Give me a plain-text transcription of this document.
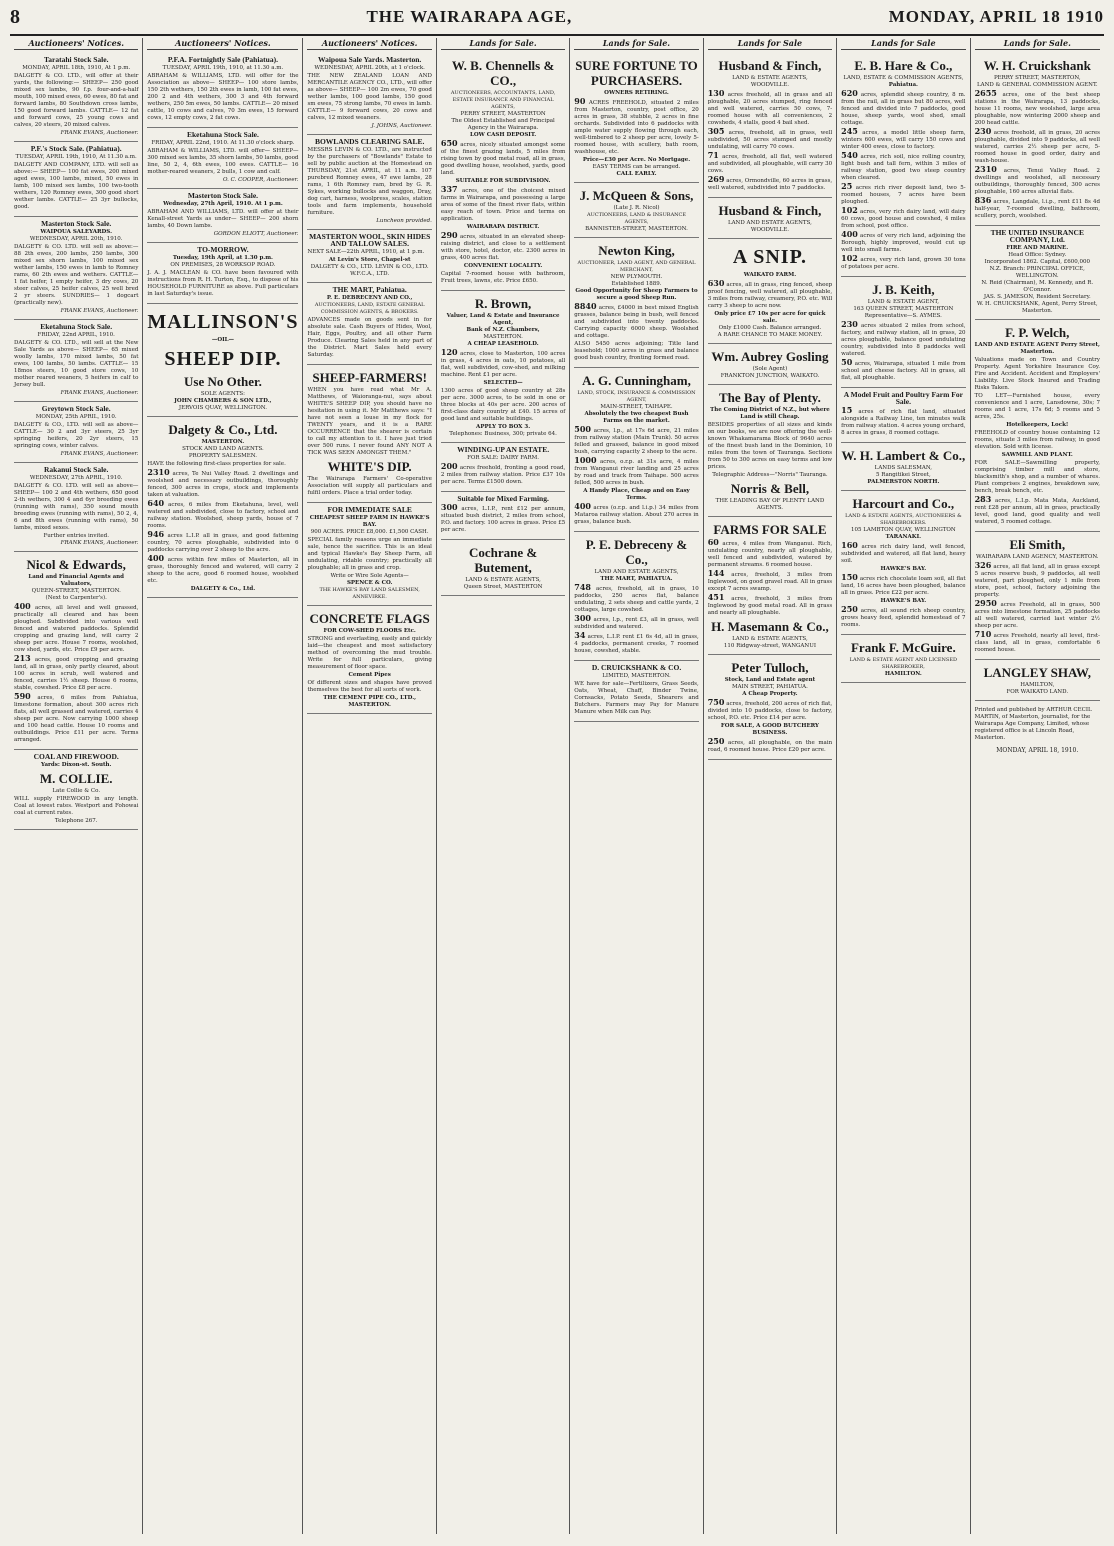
8	THE WAIRARAPA AGE,	MONDAY, APRIL 18 1910
Auctioneers' Notices.
Taratahi Stock Sale.
MONDAY, APRIL 18th, 1910, At 1 p.m.

DALGETY & CO. LTD., will offer at their yards, the following:— SHEEP— 250 good mixed sex lambs, 90 f.p. four-and-a-half mouth, 100 mixed ewes, 60 ewes, 80 fat and forward lambs, 80 Southdown cross lambs, 150 good forward lambs. CATTLE— 12 fat and forward cows, 25 young cows and calves, 20 steers, 20 mixed calves.

FRANK EVANS, Auctioneer.
P.F.'s Stock Sale. (Pahiatua).
TUESDAY, APRIL 19th, 1910, At 11.30 a.m.

DALGETY AND COMPANY, LTD. will sell as above:— SHEEP— 100 fat ewes, 200 mixed aged ewes, 100 lambs, mixed, 50 ewes in lamb, 100 mixed sex lambs, 100 two-tooth wethers, 120 Romney ewes, 300 good short wether lambs. CATTLE— 25 3yr bullocks, good.

Masterton Stock Sale.
WAIPOUA SALEYARDS.
WEDNESDAY, APRIL 20th, 1910.

DALGETY & CO. LTD. will sell as above:— 88 2th ewes, 200 lambs, 250 lambs, 300 mixed sex shorn lambs, 100 mixed sex wether lambs, 150 ewes in lamb to Romney rams, 60 2th ewes and wethers. CATTLE— 1 fat heifer, 1 empty heifer, 3 dry cows, 20 steer calves, 25 heifer calves, 25 well bred 2 yr steers. SUNDRIES— 1 dogcart (practically new).

FRANK EVANS, Auctioneer.
Eketahuna Stock Sale.
FRIDAY, 22nd APRIL, 1910.

DALGETY & CO. LTD., will sell at the New Sale Yards as above— SHEEP— 65 mixed woolly lambs, 170 mixed lambs, 50 fat ewes, 100 lambs, 50 lambs. CATTLE— 15 18mos steers, 10 good store cows, 10 mother reared weaners, 5 heifers in calf to Jersey bull.

FRANK EVANS, Auctioneer.
Greytown Stock Sale.
MONDAY, 25th APRIL, 1910.

DALGETY & CO., LTD. will sell as above— CATTLE— 30 2 and 3yr steers, 25 3yr springing heifers, 20 2yr steers, 15 springing cows, winter calves.

FRANK EVANS, Auctioneer.
Rakanui Stock Sale.
WEDNESDAY, 27th APRIL, 1910.

DALGETY & CO. LTD. will sell as above— SHEEP— 100 2 and 4th wethers, 650 good 2-th wethers, 300 4 and 6yr breeding ewes (running with rams), 350 sound mouth breeding ewes (running with rams), 50 2, 4, 6 and 8th ewes (running with rams), 50 lambs, mixed sexes.

Further entries invited.
FRANK EVANS, Auctioneer.
Nicol & Edwards,
Land and Financial Agents and Valuators,
QUEEN-STREET, MASTERTON.
(Next to Carpenter's).

400 acres, all level and well grassed, practically all cleared and has been ploughed. Subdivided into various well fenced and watered paddocks. Splendid cropping and grazing land, will carry 2 sheep per acre. House 7 rooms, woolshed, cow shed, yards, etc. Price £9 per acre.

213 acres, good cropping and grazing land, all in grass, only partly cleared, about 100 acres in scrub, well watered and fenced, carries 1½ sheep. House 6 rooms, stable, cowshed. Price £8 per acre.

590 acres, 6 miles from Pahiatua, limestone formation, about 300 acres rich flats, all well grassed and watered, carries 4 sheep per acre. Now carrying 1000 sheep and 100 head cattle. House 10 rooms and outbuildings. Price £11 per acre. Terms arranged.

COAL AND FIREWOOD.
Yards: Dixon-st. South.
M. COLLIE.
Late Collie & Co.

WILL supply FIREWOOD in any length. Coal at lowest rates. Westport and Fohowai coal at current rates.

Telephone 267.
Auctioneers' Notices.
P.F.A. Fortnightly Sale (Pahiatua).
TUESDAY, APRIL 19th, 1910, at 11.30 a.m.

ABRAHAM & WILLIAMS, LTD. will offer for the Association as above— SHEEP— 100 store lambs, 150 2th wethers, 150 2th ewes in lamb, 100 fat ewes, 200 2 and 4th wethers, 300 3 and 4th forward wethers, 250 5m ewes, 50 lambs. CATTLE— 20 mixed cattle, 10 cows and calves, 70 3m ewes, 15 forward cows, 12 empty cows, 2 fat cows.

Eketahuna Stock Sale.
FRIDAY, APRIL 22nd, 1910. At 11.30 o'clock sharp.

ABRAHAM & WILLIAMS, LTD. will offer— SHEEP— 300 mixed sex lambs, 35 shorn lambs, 50 lambs, good line, 50 2, 4, 6th ewes, 100 ewes. CATTLE— 16 mother-reared weaners, 2 bulls, 1 cow and calf.

O. C. COOPER, Auctioneer.
Masterton Stock Sale.
Wednesday, 27th April, 1910. At 1 p.m.

ABRAHAM AND WILLIAMS, LTD. will offer at their Kenall-street Yards as under— SHEEP— 200 shorn lambs, 40 Down lambs.

GORDON ELIOTT, Auctioneer.
TO-MORROW.
Tuesday, 19th April, at 1.30 p.m.
ON PREMISES, 28 WORKSOP ROAD.

J. A. J. MACLEAN & CO. have been favoured with instructions from R. H. Turton, Esq., to dispose of his HOUSEHOLD FURNITURE as above. Full particulars in last Saturday's issue.

MALLINSON'S
—OIL—
SHEEP DIP.
Use No Other.
SOLE AGENTS:
JOHN CHAMBERS & SON LTD.,
JERVOIS QUAY, WELLINGTON.
Dalgety & Co., Ltd.
MASTERTON.
STOCK AND LAND AGENTS.
PROPERTY SALESMEN.

HAVE the following first-class properties for sale.

2310 acres, Te Nui Valley Road. 2 dwellings and woolshed and necessary outbuildings, thoroughly fenced, 300 acres in crops, stock and implements taken at valuation.

640 acres, 6 miles from Eketahuna, level, well watered and subdivided, close to factory, school and railway station. Woolshed, sheep yards, house of 7 rooms.

946 acres L.I.P. all in grass, and good fattening country, 70 acres ploughable, subdivided into 6 paddocks carrying over 2 sheep to the acre.

400 acres within few miles of Masterton, all in grass, thoroughly fenced and watered, will carry 2 sheep to the acre, good 6 roomed house, woolshed etc.

DALGETY & Co., Ltd.
Auctioneers' Notices.
Waipoua Sale Yards. Masterton.
WEDNESDAY, APRIL 20th, at 1 o'clock.

THE NEW ZEALAND LOAN AND MERCANTILE AGENCY CO., LTD., will offer as above— SHEEP— 100 2m ewes, 70 good wether lambs, 100 good lambs, 150 good sm ewes, 75 strong lambs, 70 ewes in lamb. CATTLE— 9 forward cows, 20 cows and calves, 12 mixed weaners.

J. JOHNS, Auctioneer.
BOWLANDS CLEARING SALE.

MESSRS LEVIN & CO. LTD., are instructed by the purchasers of "Bowlands" Estate to sell by public auction at the Homestead on THURSDAY, 21st APRIL, at 11 a.m. 107 purebred Romney ewes, 47 ewe lambs, 28 rams, 1 6th Romney ram, bred by G. R. Sykes, working bullocks and waggon, Dray, dog cart, harness, woolpress, scales, station tools and farm implements, household furniture.

Luncheon provided.
MASTERTON WOOL, SKIN HIDES AND TALLOW SALES.

NEXT SALE—22th APRIL, 1910, at 1 p.m.

At Levin's Store, Chapel-st
DALGETY & CO., LTD. LEVIN & CO., LTD. W.F.C.A., LTD.
THE MART, Pahiatua.
P. E. DEBRECENY AND CO.,
AUCTIONEERS, LAND, ESTATE GENERAL COMMISSION AGENTS, & BROKERS.

ADVANCES made on goods sent in for absolute sale. Cash Buyers of Hides, Wool, Hair, Eggs, Poultry, and all other Farm Produce. Clearing Sales held in any part of the District. Mart Sales held every Saturday.

SHEEP-FARMERS!

WHEN you have read what Mr A. Matthews, of Waioranga-nui, says about WHITE'S SHEEP DIP, you should have no hesitation in using it. Mr Matthews says: "I have not seen a louse in my flock for TWENTY years, and it is a RARE OCCURRENCE that the shearer is certain to call my attention to it. I have just tried over 500 runs. I never found ANY NOT A TICK WAS SEEN AMONGST THEM."

WHITE'S DIP.

The Wairarapa Farmers' Co-operative Association will supply all particulars and fulfil orders. Place a trial order today.

FOR IMMEDIATE SALE
CHEAPEST SHEEP FARM IN HAWKE'S BAY.
900 ACRES. PRICE £8,000. £1,500 CASH.

SPECIAL family reasons urge an immediate sale, hence the sacrifice. This is an ideal and typical Hawke's Bay Sheep Farm, all undulating, ridable country; practically all ploughable; all in grass and crop.

Write or Wire Sole Agents—
SPENCE & CO.
THE HAWKE'S BAY LAND SALESMEN, ANNEVIRKE.
CONCRETE FLAGS
FOR COW-SHED FLOORS Etc.

STRONG and everlasting, easily and quickly laid—the cheapest and most satisfactory method of overcoming the mud trouble. Write for full particulars, giving measurement of floor space.

Cement Pipes

Of different sizes and shapes have proved themselves the best for all sorts of work.

THE CEMENT PIPE CO., LTD., MASTERTON.
Lands for Sale.
W. B. Chennells & CO.,
AUCTIONEERS, ACCOUNTANTS, LAND, ESTATE INSURANCE AND FINANCIAL AGENTS,
PERRY STREET, MASTERTON
The Oldest Established and Principal Agency in the Wairarapa.
LOW CASH DEPOSIT.

650 acres, nicely situated amongst some of the finest grazing lands, 5 miles from rising town by good metal road, all in grass, good dwelling house, woolshed, yards, good land.

SUITABLE FOR SUBDIVISION.

337 acres, one of the choicest mixed farms in Wairarapa, and possessing a large area of some of the finest river flats, within easy reach of town. Price and terms on application.

WAIRARAPA DISTRICT.

290 acres, situated in an elevated sheep-raising district, and close to a settlement with store, hotel, doctor, etc. 2300 acres in grass, 400 acres flat.

CONVENIENT LOCALITY.

Capital 7-roomed house with bathroom, Fruit trees, lawns, etc. Price £650.

R. Brown,
Valuer, Land & Estate and Insurance Agent,
Bank of N.Z. Chambers,
MASTERTON.
A CHEAP LEASEHOLD.

120 acres, close to Masterton, 100 acres in grass, 4 acres in oats, 10 potatoes, all flat, well subdivided, cow-shed, and milking machine. Rent £1 per acre.

SELECTED—

1300 acres of good sheep country at 28s per acre. 3000 acres, to be sold in one or three blocks at 40s per acre. 200 acres of first-class dairy country at £40. 15 acres of good land and suitable buildings.

APPLY TO BOX 3.
Telephones: Business, 300; private 64.
WINDING-UP AN ESTATE.
FOR SALE: DAIRY FARM.

200 acres freehold, fronting a good road, 2 miles from railway station. Price £37 10s per acre. Terms £1500 down.

Suitable for Mixed Farming.

300 acres, L.I.P., rent £12 per annum, situated bush district, 2 miles from school, P.O. and factory. 100 acres in grass. Price £5 per acre.

Cochrane & Butement,
LAND & ESTATE AGENTS,
Queen Street, MASTERTON
Lands for Sale.
SURE FORTUNE TO PURCHASERS.
OWNERS RETIRING.

90 ACRES FREEHOLD, situated 2 miles from Masterton, country, post office, 20 acres in grass, 38 stubble, 2 acres in fine orchards. Subdivided into 6 paddocks with ample water supply flowing through each, well-timbered to 2 sheep per acre, lovely 5-roomed house, with scullery, bath room, washhouse, etc.

Price—£30 per Acre. No Mortgage.
EASY TERMS can be arranged.
CALL EARLY.
J. McQueen & Sons,
(Late J. R. Nicol)
AUCTIONEERS, LAND & INSURANCE AGENTS,
BANNISTER-STREET, MASTERTON.
Newton King,
AUCTIONEER, LAND AGENT, AND GENERAL MERCHANT,
NEW PLYMOUTH.
Established 1889.
Good Opportunity for Sheep Farmers to secure a good Sheep Run.

8840 acres, £4000 in best mixed English grasses, balance being in bush, well fenced and subdivided into twenty paddocks. Carrying capacity 6000 sheep. Woolshed and cottage.

ALSO 5450 acres adjoining; Title land leasehold; 1000 acres in grass and balance good bush country, fronting formed road.

A. G. Cunningham,
LAND, STOCK, INSURANCE & COMMISSION AGENT,
MAIN-STREET, TAIHAPE.
Absolutely the two cheapest Bush Farms on the market.

500 acres, l.p., at 17s 6d acre, 21 miles from railway station (Main Trunk). 50 acres felled and grassed, balance in good mixed bush, carrying capacity 2 sheep to the acre.

1000 acres, o.r.p. at 31s acre, 4 miles from Wanganui river landing and 25 acres by road and track from Taihape. 500 acres felled, 500 acres in bush.

A Handy Place, Cheap and on Easy Terms.

400 acres (o.r.p. and l.i.p.) 34 miles from Mataroa railway station. About 270 acres in grass, balance bush.

P. E. Debreceny & Co.,
LAND AND ESTATE AGENTS,
THE MART, PAHIATUA.

748 acres, freehold, all in grass, 10 paddocks, 250 acres flat, balance undulating, 2 sets sheep and cattle yards, 2 cottages, large cowshed.

300 acres, l.p., rent £3, all in grass, well subdivided and watered.

34 acres, L.I.P. rent £1 6s 4d, all in grass, 4 paddocks, permanent creeks, 7 roomed house, cowshed, stable.

D. CRUICKSHANK & CO.
LIMITED, MASTERTON.

WE have for sale—Fertilizers, Grass Seeds, Oats, Wheat, Chaff, Binder Twine, Cornsacks, Potato Seeds, Shearers and Butchers. Farmers may Pay for Manure Manure when Milk can Pay.

Lands for Sale
Husband & Finch,
LAND & ESTATE AGENTS,
WOODVILLE.

130 acres freehold, all in grass and all ploughable, 20 acres stumped, ring fenced and well watered, carries 50 cows, 7-roomed house with all conveniences, 2 cowsheds, 4 stalls, good 4 bail shed.

305 acres, freehold, all in grass, well subdivided, 50 acres stumped and mostly undulating, will carry 70 cows.

71 acres, freehold, all flat, well watered and subdivided, all ploughable, will carry 30 cows.

269 acres, Ormondville, 60 acres in grass, well watered, subdivided into 7 paddocks.

Husband & Finch,
LAND AND ESTATE AGENTS,
WOODVILLE.
A SNIP.
WAIKATO FARM.

630 acres, all in grass, ring fenced, sheep proof fencing, well watered, all ploughable, 3 miles from railway, creamery, P.O. etc. Will carry 3 sheep to acre now.

Only price £7 10s per acre for quick sale.
Only £1000 Cash. Balance arranged.
A RARE CHANCE TO MAKE MONEY.
Wm. Aubrey Gosling
(Sole Agent)
FRANKTON JUNCTION, WAIKATO.
The Bay of Plenty.
The Coming District of N.Z., but where Land is still Cheap.

BESIDES properties of all sizes and kinds on our books, we are now offering the well-known Whakamarama Block of 9640 acres of the finest bush land in the Dominion, 10 miles from the town of Tauranga. Sections from 50 to 300 acres on easy terms and low prices.

Telegraphic Address—"Norris" Tauranga.
Norris & Bell,
THE LEADING BAY OF PLENTY LAND AGENTS.
FARMS FOR SALE

60 acres, 4 miles from Wanganui. Rich, undulating country, nearly all ploughable, well fenced and subdivided, watered by permanent streams. 6 roomed house.

144 acres, freehold, 3 miles from Inglewood, on good gravel road. All in grass except 7 acres swamp.

451 acres, freehold, 3 miles from Inglewood by good metal road. All in grass and nearly all ploughable.

H. Masemann & Co.,
LAND & ESTATE AGENTS,
110 Ridgway-street, WANGANUI
Peter Tulloch,
Stock, Land and Estate agent
MAIN STREET, PAHIATUA.
A Cheap Property.

750 acres, freehold, 200 acres of rich flat, divided into 10 paddocks, close to factory, school, P.O. etc. Price £14 per acre.

FOR SALE, A GOOD BUTCHERY BUSINESS.

250 acres, all ploughable, on the main road, 6 roomed house. Price £20 per acre.

Lands for Sale
E. B. Hare & Co.,
LAND, ESTATE & COMMISSION AGENTS,
Pahiatua.

620 acres, splendid sheep country, 8 m. from the rail, all in grass but 80 acres, well fenced and divided into 7 paddocks, good house, sheep yards, wool shed, small cottage.

245 acres, a model little sheep farm, winters 600 ewes, will carry 150 cows and winter 400 ewes, close to factory.

540 acres, rich soil, nice rolling country, light bush and tall fern, within 3 miles of railway station, good two steep country when cleared.

25 acres rich river deposit land, two 5-roomed houses, 7 acres have been ploughed.

102 acres, very rich dairy land, will dairy 60 cows, good house and cowshed, 4 miles from school, post office.

400 acres of very rich land, adjoining the Borough, highly improved, would cut up well into small farms.

102 acres, very rich land, grown 30 tons of potatoes per acre.

J. B. Keith,
LAND & ESTATE AGENT,
163 QUEEN STREET, MASTERTON
Representative—S. AYMES.

230 acres situated 2 miles from school, factory, and railway station, all in grass, 20 acres ploughable, balance good undulating country, subdivided into 8 paddocks well watered.

50 acres, Wairarapa, situated 1 mile from school and cheese factory. All in grass, all flat, all ploughable.

A Model Fruit and Poultry Farm For Sale.

15 acres of rich flat land, situated alongside a Railway Line, ten minutes walk from railway station. 4 acres young orchard, 8 acres in grass, 8 roomed cottage.

W. H. Lambert & Co.,
LANDS SALESMAN,
5 Rangitikei Street,
PALMERSTON NORTH.
Harcourt and Co.,
LAND & ESTATE AGENTS, AUCTIONEERS & SHAREBROKERS.
105 LAMBTON QUAY, WELLINGTON
TARANAKI.

160 acres rich dairy land, well fenced, subdivided and watered, all flat land, heavy soil.

HAWKE'S BAY.

150 acres rich chocolate loam soil, all flat land, 16 acres have been ploughed, balance all in grass. Price £22 per acre.

HAWKE'S BAY.

250 acres, all sound rich sheep country, grows heavy feed, splendid homestead of 7 rooms.

Frank F. McGuire.
LAND & ESTATE AGENT AND LICENSED SHAREBROKER,
HAMILTON.
Lands for Sale.
W. H. Cruickshank
PERRY STREET, MASTERTON,
LAND & GENERAL COMMISSION AGENT.

2655 acres, one of the best sheep stations in the Wairarapa, 13 paddocks, house 11 rooms, new woolshed, large area ploughable, now wintering 2000 sheep and 200 head cattle.

230 acres freehold, all in grass, 20 acres ploughable, divided into 9 paddocks, all well watered, carries 2½ sheep per acre, 5-roomed house in good order, dairy and wash-house.

2310 acres, Tenui Valley Road. 2 dwellings and woolshed, all necessary outbuildings, thoroughly fenced, 300 acres ploughable, 160 acres alluvial flats.

836 acres, Langdale, l.i.p., rent £11 8s 4d half-year, 7-roomed dwelling, bathroom, scullery, porch, woolshed.

THE UNITED INSURANCE COMPANY, Ltd.
FIRE AND MARINE.
Head Office: Sydney.
Incorporated 1862. Capital, £600,000
N.Z. Branch: PRINCIPAL OFFICE, WELLINGTON.
N. Reid (Chairman), M. Kennedy, and R. O'Connor.
JAS. S. JAMESON, Resident Secretary.
W. H. CRUICKSHANK, Agent, Perry Street, Masterton.
F. P. Welch,
LAND AND ESTATE AGENT Perry Street, Masterton.

Valuations made on Town and Country Property. Agent Yorkshire Insurance Coy. Fire and Accident. Accident and Employers' Liability. Live Stock Insured and Trading Risks Taken.

TO LET—Furnished house, every convenience and 1 acre, Lansdowne, 30s; 7 rooms and 1 acre, 17s 6d; 5 rooms and 5 acres, 25s.

Hotelkeepers, Lock!

FREEHOLD of country house containing 12 rooms, situate 3 miles from railway, in good elevation. Sold with license.

SAWMILL AND PLANT.

FOR SALE—Sawmilling property, comprising timber mill and store, blacksmith's shop, and a number of whares. Plant comprises 2 engines, breakdown saw, bench, break bench, etc.

283 acres, L.I.p. Mata Mata, Auckland, rent £28 per annum, all in grass, practically level, good land, good quality and well watered, 5 roomed cottage.

Eli Smith,
WAIRARAPA LAND AGENCY, MASTERTON.

326 acres, all flat land, all in grass except 5 acres reserve bush, 9 paddocks, all well watered, part ploughed, only 1 mile from store, post, school, factory adjoining the property.

2950 acres Freehold, all in grass, 500 acres into limestone formation, 25 paddocks all well watered, carried last winter 2½ sheep per acre.

710 acres Freehold, nearly all level, first-class land, all in grass, comfortable 6 roomed house.

LANGLEY SHAW,
HAMILTON,
FOR WAIKATO LAND.

Printed and published by ARTHUR CECIL MARTIN, of Masterton, journalist, for the Wairarapa Age Company, Limited, whose registered office is at Lincoln Road, Masterton.

MONDAY, APRIL 18, 1910.
